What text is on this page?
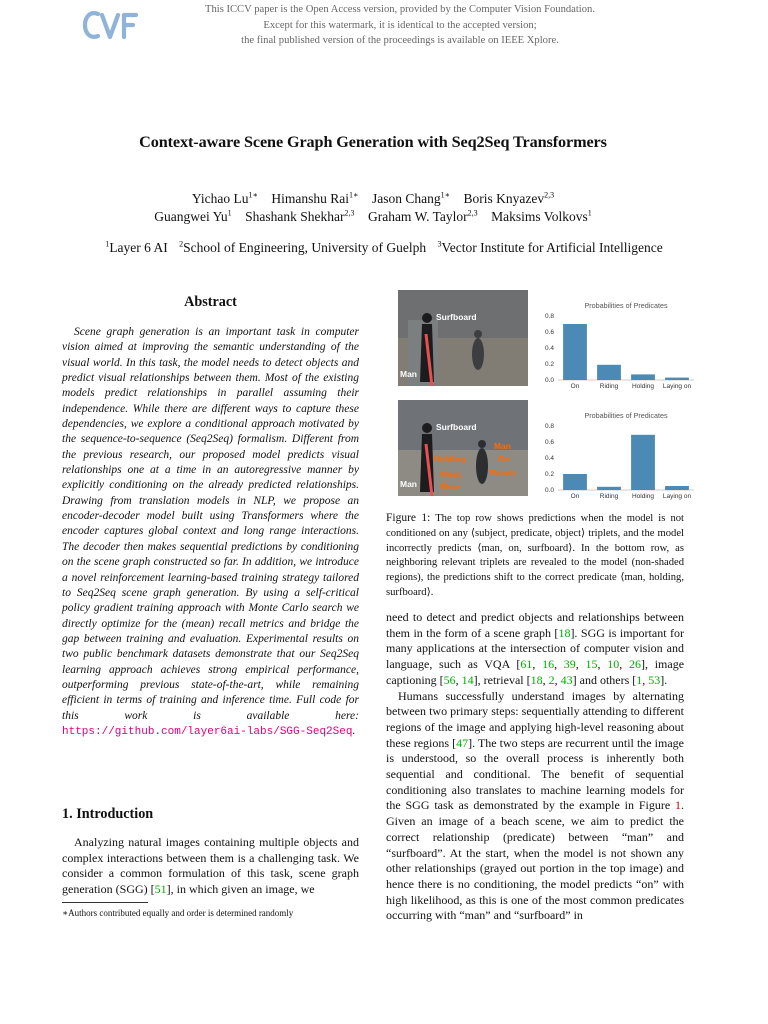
This ICCV paper is the Open Access version, provided by the Computer Vision Foundation.
Except for this watermark, it is identical to the accepted version;
the final published version of the proceedings is available on IEEE Xplore.
Context-aware Scene Graph Generation with Seq2Seq Transformers
Yichao $Lu^{1∗}$ Himanshu Rai$^{1∗}$ Jason Chang$^{1∗}$ Boris Knyazev$^{2,3}$
Guangwei Yu$^1$ Shashank Shekhar$^{2,3}$ Graham W. Taylor$^{2,3}$ Maksims Volkovs$^1$
$^1$Layer 6 AI $^2$School of Engineering, University of Guelph $^3$Vector Institute for Artificial Intelligence
Abstract
Scene graph generation is an important task in computer vision aimed at improving the semantic understanding of the visual world. In this task, the model needs to detect objects and predict visual relationships between them. Most of the existing models predict relationships in parallel assuming their independence. While there are different ways to capture these dependencies, we explore a conditional approach motivated by the sequence-to-sequence (Seq2Seq) formalism. Different from the previous research, our proposed model predicts visual relationships one at a time in an autoregressive manner by explicitly conditioning on the already predicted relationships. Drawing from translation models in NLP, we propose an encoder-decoder model built using Transformers where the encoder captures global context and long range interactions. The decoder then makes sequential predictions by conditioning on the scene graph constructed so far. In addition, we introduce a novel reinforcement learning-based training strategy tailored to Seq2Seq scene graph generation. By using a self-critical policy gradient training approach with Monte Carlo search we directly optimize for the (mean) recall metrics and bridge the gap between training and evaluation. Experimental results on two public benchmark datasets demonstrate that our Seq2Seq learning approach achieves strong empirical performance, outperforming previous state-of-the-art, while remaining efficient in terms of training and inference time. Full code for this work is available here: https://github.com/layer6ai-labs/SGG-Seq2Seq.
1. Introduction

Analyzing natural images containing multiple objects and complex interactions between them is a challenging task. We consider a common formulation of this task, scene graph generation (SGG) [51], in which given an image, we

∗Authors contributed equally and order is determined randomly
Surfboard
Man
Surfboard
Man
Holding
Wear
Shoe
Man
On
Beach
Probabilities of Predicates
0.0
0.2
0.4
0.6
0.8
On	Riding Holding Laying on
Probabilities of Predicates
0.0
0.2
0.4
0.6
0.8
On	Riding Holding Laying on
Figure 1: The top row shows predictions when the model is not conditioned on any ⟨subject, predicate, object⟩ triplets, and the model incorrectly predicts ⟨man, on, surfboard⟩. In the bottom row, as neighboring relevant triplets are revealed to the model (non-shaded regions), the predictions shift to the correct predicate ⟨man, holding, surfboard⟩.

need to detect and predict objects and relationships between them in the form of a scene graph [18]. SGG is important for many applications at the intersection of computer vision and language, such as VQA [61, 16, 39, 15, 10, 26], image captioning [56, 14], retrieval [18, 2, 43] and others [1, 53].

Humans successfully understand images by alternating between two primary steps: sequentially attending to different regions of the image and applying high-level reasoning about these regions [47]. The two steps are recurrent until the image is understood, so the overall process is inherently both sequential and conditional. The benefit of sequential conditioning also translates to machine learning models for the SGG task as demonstrated by the example in Figure 1. Given an image of a beach scene, we aim to predict the correct relationship (predicate) between “man” and “surfboard”. At the start, when the model is not shown any other relationships (grayed out portion in the top image) and hence there is no conditioning, the model predicts “on” with high likelihood, as this is one of the most common predicates occurring with “man” and “surfboard” in
